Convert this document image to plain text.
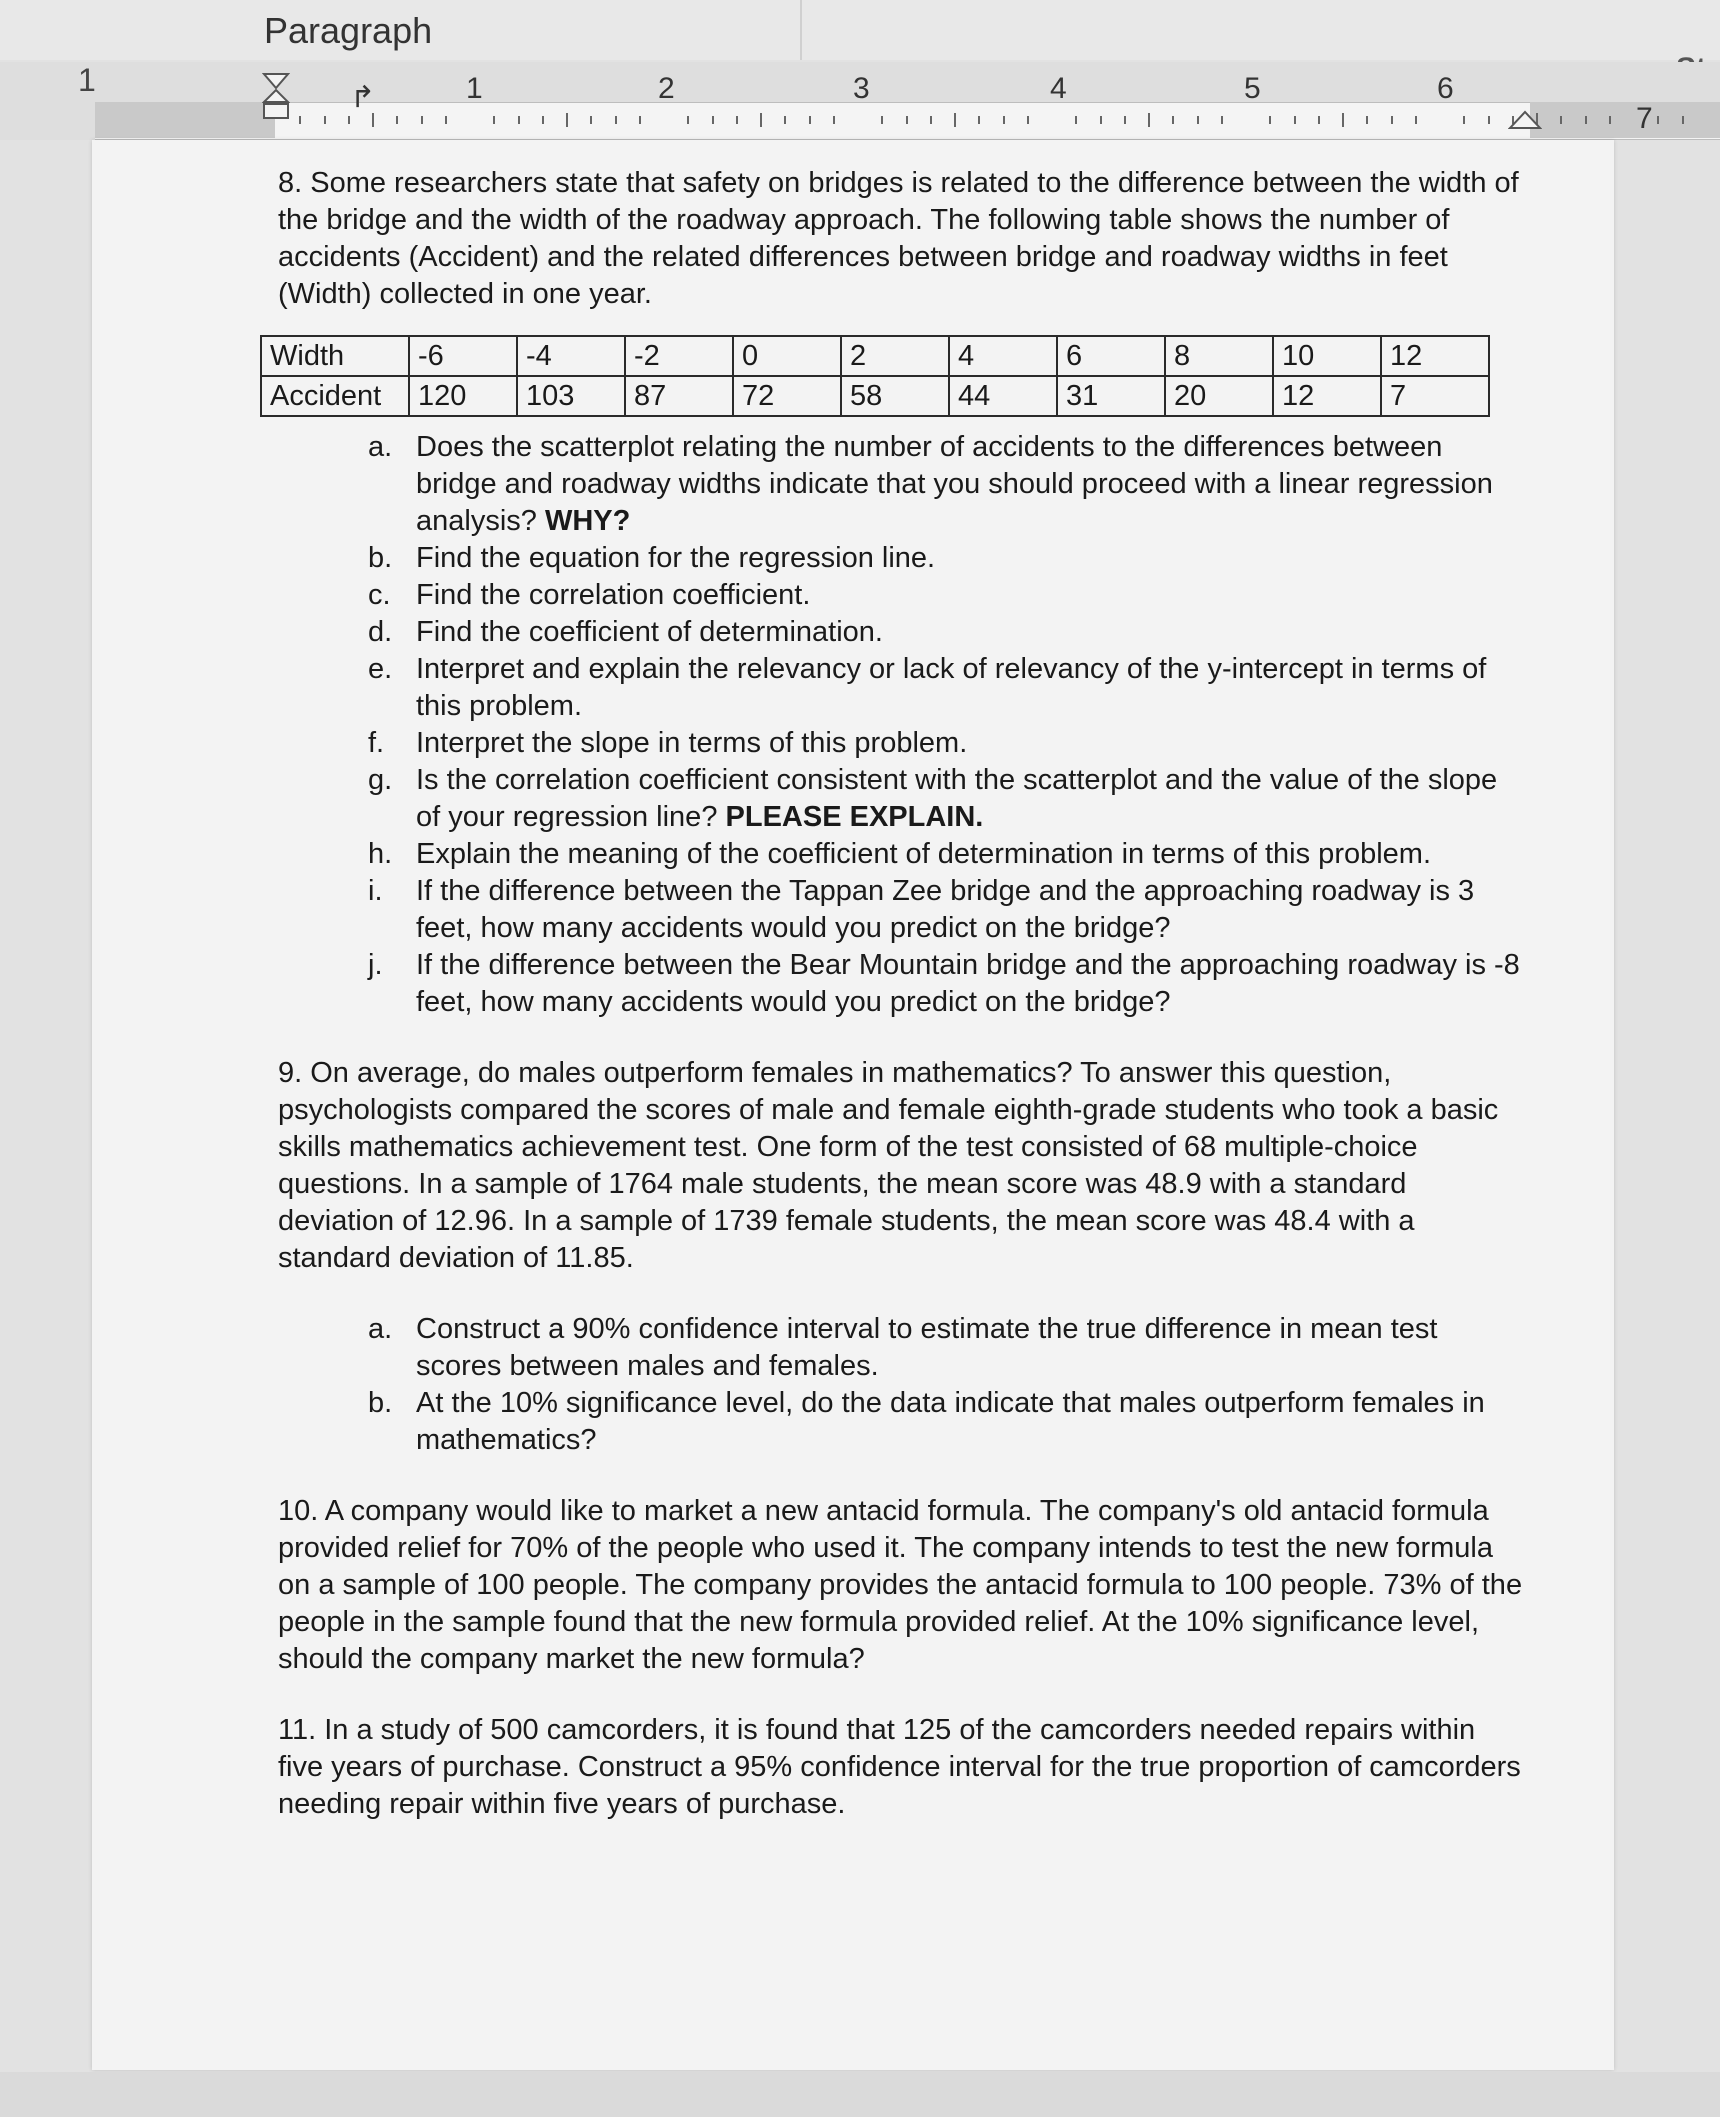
Paragraph
1	2	3	4	5	6
7
1	↱

8. Some researchers state that safety on bridges is related to the difference between the width of the bridge and the width of the roadway approach. The following table shows the number of accidents (Accident) and the related differences between bridge and roadway widths in feet (Width) collected in one year.

Width	-6	-4	-2	0	2	4	6	8	10	12
Accident	120	103	87	72	58	44	31	20	12	7
a. Does the scatterplot relating the number of accidents to the differences between bridge and roadway widths indicate that you should proceed with a linear regression analysis? WHY?
b. Find the equation for the regression line.
c. Find the correlation coefficient.
d. Find the coefficient of determination.
e. Interpret and explain the relevancy or lack of relevancy of the y-intercept in terms of this problem.
f. Interpret the slope in terms of this problem.
g. Is the correlation coefficient consistent with the scatterplot and the value of the slope of your regression line? PLEASE EXPLAIN.
h. Explain the meaning of the coefficient of determination in terms of this problem.
i. If the difference between the Tappan Zee bridge and the approaching roadway is 3 feet, how many accidents would you predict on the bridge?
j. If the difference between the Bear Mountain bridge and the approaching roadway is -8 feet, how many accidents would you predict on the bridge?

9. On average, do males outperform females in mathematics? To answer this question, psychologists compared the scores of male and female eighth-grade students who took a basic skills mathematics achievement test. One form of the test consisted of 68 multiple-choice questions. In a sample of 1764 male students, the mean score was 48.9 with a standard deviation of 12.96. In a sample of 1739 female students, the mean score was 48.4 with a standard deviation of 11.85.

a. Construct a 90% confidence interval to estimate the true difference in mean test scores between males and females.
b. At the 10% significance level, do the data indicate that males outperform females in mathematics?

10. A company would like to market a new antacid formula. The company's old antacid formula provided relief for 70% of the people who used it. The company intends to test the new formula on a sample of 100 people. The company provides the antacid formula to 100 people. 73% of the people in the sample found that the new formula provided relief. At the 10% significance level, should the company market the new formula?

11. In a study of 500 camcorders, it is found that 125 of the camcorders needed repairs within five years of purchase. Construct a 95% confidence interval for the true proportion of camcorders needing repair within five years of purchase.
